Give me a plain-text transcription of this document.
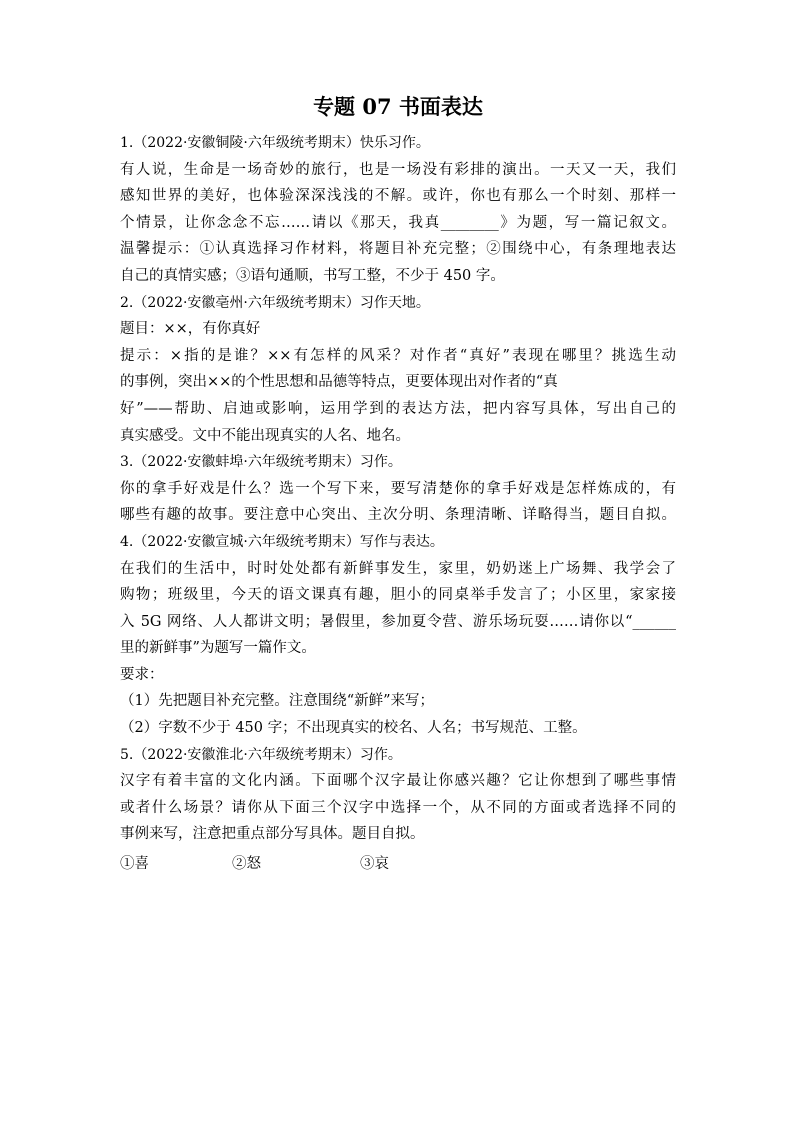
专题 07 书面表达

1.（2022·安徽铜陵·六年级统考期末）快乐习作。

有人说，生命是一场奇妙的旅行，也是一场没有彩排的演出。一天又一天，我们

感知世界的美好，也体验深深浅浅的不解。或许，你也有那么一个时刻、那样一

个情景，让你念念不忘……请以《那天，我真________》为题，写一篇记叙文。

温馨提示：①认真选择习作材料，将题目补充完整；②围绕中心，有条理地表达

自己的真情实感；③语句通顺，书写工整，不少于 450 字。

2.（2022·安徽亳州·六年级统考期末）习作天地。

题目：××，有你真好

提示：×指的是谁？××有怎样的风采？对作者“真好”表现在哪里？挑选生动

的事例，突出××的个性思想和品德等特点，更要体现出对作者的“真

好”——帮助、启迪或影响，运用学到的表达方法，把内容写具体，写出自己的

真实感受。文中不能出现真实的人名、地名。

3.（2022·安徽蚌埠·六年级统考期末）习作。

你的拿手好戏是什么？选一个写下来，要写清楚你的拿手好戏是怎样炼成的，有

哪些有趣的故事。要注意中心突出、主次分明、条理清晰、详略得当，题目自拟。

4.（2022·安徽宣城·六年级统考期末）写作与表达。

在我们的生活中，时时处处都有新鲜事发生，家里，奶奶迷上广场舞、我学会了

购物；班级里，今天的语文课真有趣，胆小的同桌举手发言了；小区里，家家接

入 5G 网络、人人都讲文明；暑假里，参加夏令营、游乐场玩耍……请你以“______

里的新鲜事”为题写一篇作文。

要求：

（1）先把题目补充完整。注意围绕“新鲜”来写；

（2）字数不少于 450 字；不出现真实的校名、人名；书写规范、工整。

5.（2022·安徽淮北·六年级统考期末）习作。

汉字有着丰富的文化内涵。下面哪个汉字最让你感兴趣？它让你想到了哪些事情

或者什么场景？请你从下面三个汉字中选择一个，从不同的方面或者选择不同的

事例来写，注意把重点部分写具体。题目自拟。

①喜	②怒	③哀
